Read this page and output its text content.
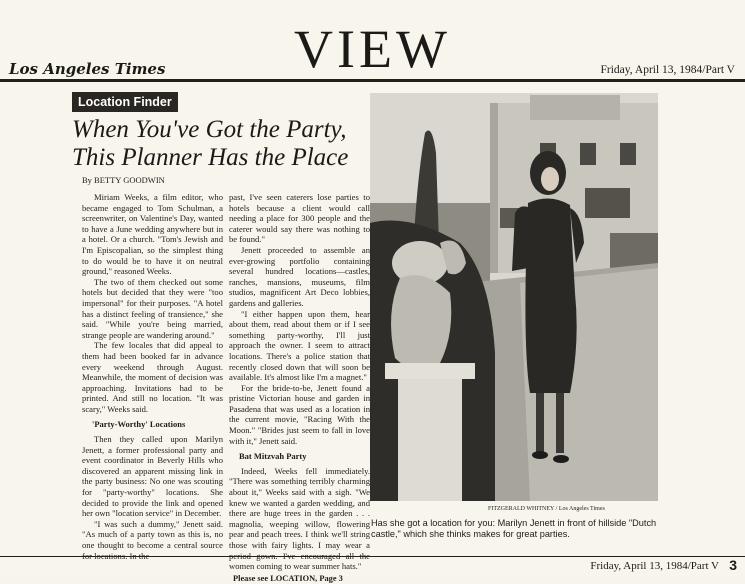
VIEW
Los Angeles Times	Friday, April 13, 1984/Part V
Location Finder
When You've Got the Party,
This Planner Has the Place
By BETTY GOODWIN

Miriam Weeks, a film editor, who became engaged to Tom Schulman, a screenwriter, on Valentine's Day, wanted to have a June wedding anywhere but in a hotel. Or a church. "Tom's Jewish and I'm Episcopalian, so the simplest thing to do would be to have it on neutral ground," reasoned Weeks.

The two of them checked out some hotels but decided that they were "too impersonal" for their purposes. "A hotel has a distinct feeling of transience," she said. "While you're being married, strange people are wandering around."

The few locales that did appeal to them had been booked far in advance every weekend through August. Meanwhile, the moment of decision was approaching. Invitations had to be printed. And still no location. "It was scary," Weeks said.

'Party-Worthy' Locations

Then they called upon Marilyn Jenett, a former professional party and event coordinator in Beverly Hills who discovered an apparent missing link in the party business: No one was scouting for "party-worthy" locations. She decided to provide the link and opened her own "location service" in December.

"I was such a dummy," Jenett said. "As much of a party town as this is, no one thought to become a central source

past, I've seen caterers lose parties to hotels because a client would call needing a place for 300 people and the caterer would say there was nothing to be found."

Jenett proceeded to assemble an ever-growing portfolio containing several hundred locations—castles, ranches, mansions, museums, film studios, magnificent Art Deco lobbies, gardens and galleries.

"I either happen upon them, hear about them, read about them or if I see something party-worthy, I'll just approach the owner. I seem to attract locations. There's a police station that recently closed down that will soon be available. It's almost like I'm a magnet."

For the bride-to-be, Jenett found a pristine Victorian house and garden in Pasadena that was used as a location in the current movie, "Racing With the Moon." "Brides just seem to fall in love with it," Jenett said.

Bat Mitzvah Party

Indeed, Weeks fell immediately. "There was something terribly charming about it," Weeks said with a sigh. "We knew we wanted a garden wedding, and there are huge trees in the garden . . . magnolia, weeping willow, flowering pear and peach trees. I think we'll string those with fairy lights. I may wear a women coming to wear summer hats."

Please see LOCATION, Page 3

FITZGERALD WHITNEY / Los Angeles Times
Has she got a location for you: Marilyn Jenett in front of hillside "Dutch castle," which she thinks makes for great parties.
Friday, April 13, 1984/Part V 3
